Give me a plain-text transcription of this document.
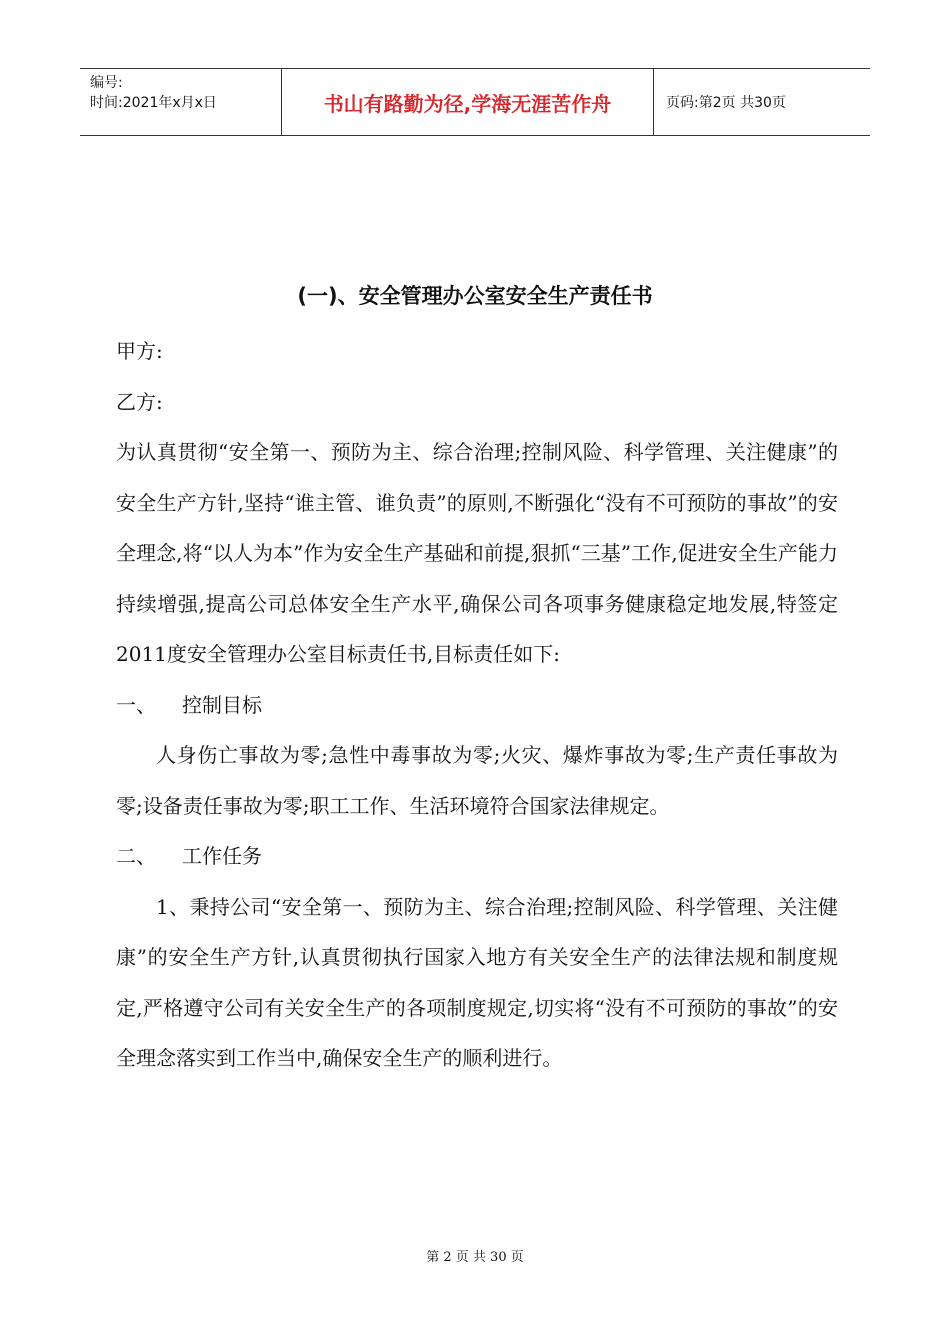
编号:
时间:2021年x月x日	书山有路勤为径,学海无涯苦作舟	页码:第2页 共30页
(一)、安全管理办公室安全生产责任书

甲方:

乙方:

为认真贯彻“安全第一、预防为主、综合治理;控制风险、科学管理、关注健康”的安全生产方针,坚持“谁主管、谁负责”的原则,不断强化“没有不可预防的事故”的安全理念,将“以人为本”作为安全生产基础和前提,狠抓“三基”工作,促进安全生产能力持续增强,提高公司总体安全生产水平,确保公司各项事务健康稳定地发展,特签定2011度安全管理办公室目标责任书,目标责任如下:

一、	控制目标

人身伤亡事故为零;急性中毒事故为零;火灾、爆炸事故为零;生产责任事故为零;设备责任事故为零;职工工作、生活环境符合国家法律规定。

二、	工作任务

1、秉持公司“安全第一、预防为主、综合治理;控制风险、科学管理、关注健康”的安全生产方针,认真贯彻执行国家入地方有关安全生产的法律法规和制度规定,严格遵守公司有关安全生产的各项制度规定,切实将“没有不可预防的事故”的安全理念落实到工作当中,确保安全生产的顺利进行。

第 2 页 共 30 页
